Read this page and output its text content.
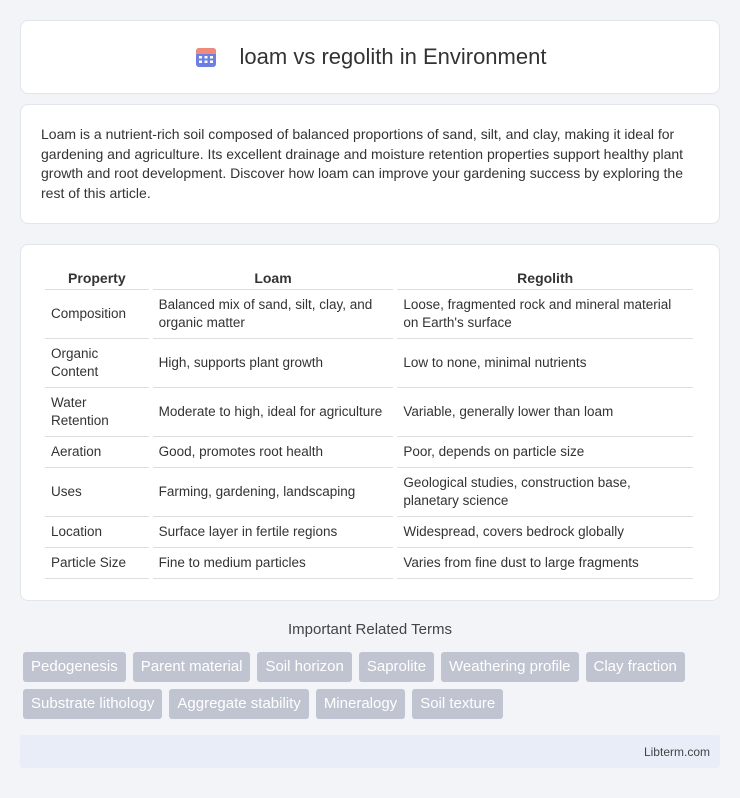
loam vs regolith in Environment

Loam is a nutrient-rich soil composed of balanced proportions of sand, silt, and clay, making it ideal for gardening and agriculture. Its excellent drainage and moisture retention properties support healthy plant growth and root development. Discover how loam can improve your gardening success by exploring the rest of this article.

Property	Loam	Regolith
Composition	Balanced mix of sand, silt, clay, and organic matter	Loose, fragmented rock and mineral material on Earth's surface
Organic Content	High, supports plant growth	Low to none, minimal nutrients
Water Retention	Moderate to high, ideal for agriculture	Variable, generally lower than loam
Aeration	Good, promotes root health	Poor, depends on particle size
Uses	Farming, gardening, landscaping	Geological studies, construction base, planetary science
Location	Surface layer in fertile regions	Widespread, covers bedrock globally
Particle Size	Fine to medium particles	Varies from fine dust to large fragments
Important Related Terms
Pedogenesis	Parent material	Soil horizon	Saprolite	Weathering profile	Clay fraction
Substrate lithology	Aggregate stability	Mineralogy	Soil texture
Libterm.com
